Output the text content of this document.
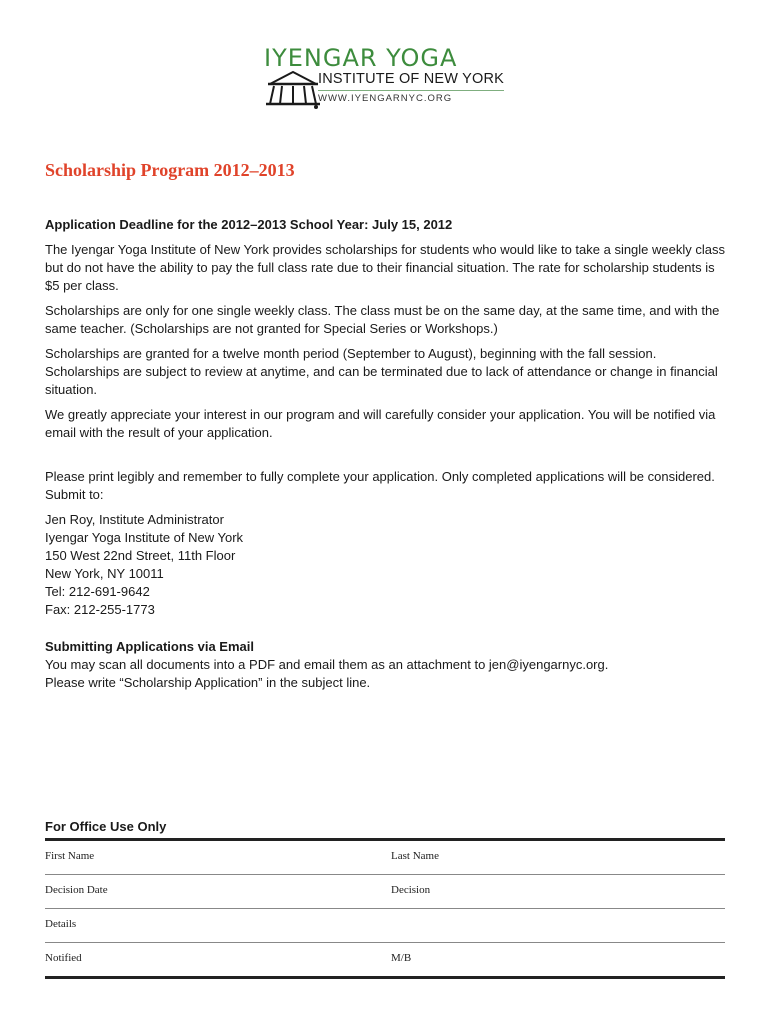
IYENGAR YOGA
INSTITUTE OF NEW YORK
WWW.IYENGARNYC.ORG
Scholarship Program 2012–2013

Application Deadline for the 2012–2013 School Year: July 15, 2012

The Iyengar Yoga Institute of New York provides scholarships for students who would like to take a single weekly class but do not have the ability to pay the full class rate due to their financial situation. The rate for scholarship students is $5 per class.

Scholarships are only for one single weekly class. The class must be on the same day, at the same time, and with the same teacher. (Scholarships are not granted for Special Series or Workshops.)

Scholarships are granted for a twelve month period (September to August), beginning with the fall session. Scholarships are subject to review at anytime, and can be terminated due to lack of attendance or change in financial situation.

We greatly appreciate your interest in our program and will carefully consider your application. You will be notified via email with the result of your application.

Please print legibly and remember to fully complete your application. Only completed applications will be considered. Submit to:

Jen Roy, Institute Administrator
Iyengar Yoga Institute of New York
150 West 22nd Street, 11th Floor
New York, NY 10011
Tel: 212-691-9642
Fax: 212-255-1773
Submitting Applications via Email
You may scan all documents into a PDF and email them as an attachment to jen@iyengarnyc.org.
Please write “Scholarship Application” in the subject line.
For Office Use Only
First Name	Last Name
Decision Date	Decision
Details
Notified	M/B
